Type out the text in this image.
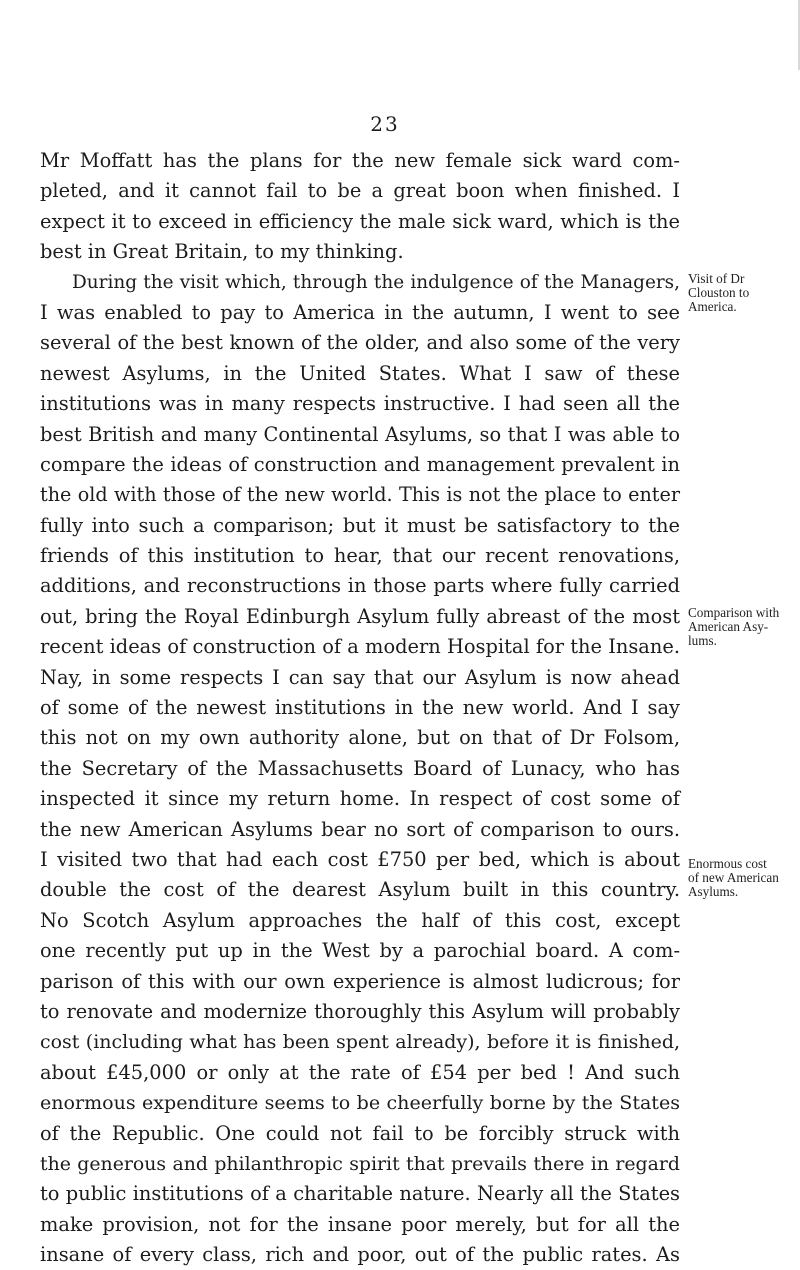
23
Mr Moffatt has the plans for the new female sick ward com-
pleted, and it cannot fail to be a great boon when finished. I
expect it to exceed in efficiency the male sick ward, which is the
best in Great Britain, to my thinking.
During the visit which, through the indulgence of the Managers,
I was enabled to pay to America in the autumn, I went to see
several of the best known of the older, and also some of the very
newest Asylums, in the United States. What I saw of these
institutions was in many respects instructive. I had seen all the
best British and many Continental Asylums, so that I was able to
compare the ideas of construction and management prevalent in
the old with those of the new world. This is not the place to enter
fully into such a comparison; but it must be satisfactory to the
friends of this institution to hear, that our recent renovations,
additions, and reconstructions in those parts where fully carried
out, bring the Royal Edinburgh Asylum fully abreast of the most
recent ideas of construction of a modern Hospital for the Insane.
Nay, in some respects I can say that our Asylum is now ahead
of some of the newest institutions in the new world. And I say
this not on my own authority alone, but on that of Dr Folsom,
the Secretary of the Massachusetts Board of Lunacy, who has
inspected it since my return home. In respect of cost some of
the new American Asylums bear no sort of comparison to ours.
I visited two that had each cost £750 per bed, which is about
double the cost of the dearest Asylum built in this country.
No Scotch Asylum approaches the half of this cost, except
one recently put up in the West by a parochial board. A com-
parison of this with our own experience is almost ludicrous; for
to renovate and modernize thoroughly this Asylum will probably
cost (including what has been spent already), before it is finished,
about £45,000 or only at the rate of £54 per bed ! And such
enormous expenditure seems to be cheerfully borne by the States
of the Republic. One could not fail to be forcibly struck with
the generous and philanthropic spirit that prevails there in regard
to public institutions of a charitable nature. Nearly all the States
make provision, not for the insane poor merely, but for all the
insane of every class, rich and poor, out of the public rates. As
Visit of Dr
Clouston to
America.
Comparison with
American Asy-
lums.
Enormous cost
of new American
Asylums.
